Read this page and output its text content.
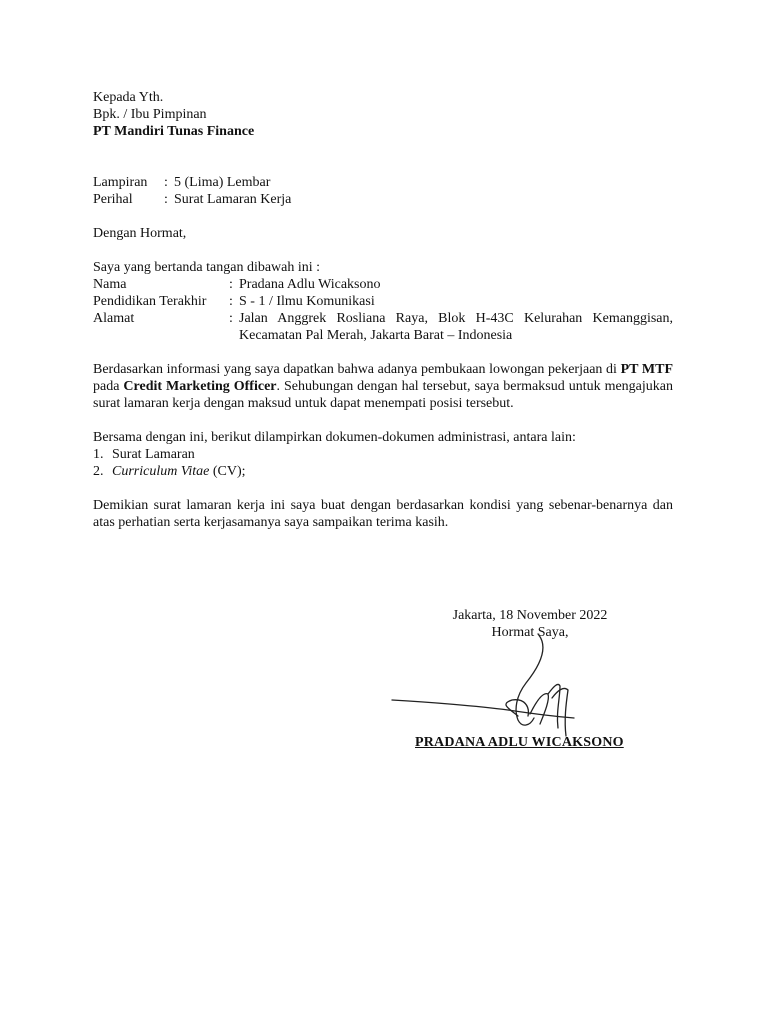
Kepada Yth.
Bpk. / Ibu Pimpinan
PT Mandiri Tunas Finance
Lampiran	: 5 (Lima) Lembar
Perihal	: Surat Lamaran Kerja
Dengan Hormat,
Saya yang bertanda tangan dibawah ini :
Nama	: Pradana Adlu Wicaksono
Pendidikan Terakhir	: S - 1 / Ilmu Komunikasi
Alamat	: Jalan Anggrek Rosliana Raya, Blok H-43C Kelurahan Kemanggisan,
Kecamatan Pal Merah, Jakarta Barat – Indonesia
Berdasarkan informasi yang saya dapatkan bahwa adanya pembukaan lowongan pekerjaan di PT MTF pada Credit Marketing Officer. Sehubungan dengan hal tersebut, saya bermaksud untuk mengajukan surat lamaran kerja dengan maksud untuk dapat menempati posisi tersebut.
Bersama dengan ini, berikut dilampirkan dokumen-dokumen administrasi, antara lain:
1. Surat Lamaran
2. Curriculum Vitae (CV);
Demikian surat lamaran kerja ini saya buat dengan berdasarkan kondisi yang sebenar-benarnya dan atas perhatian serta kerjasamanya saya sampaikan terima kasih.
Jakarta, 18 November 2022
Hormat Saya,
PRADANA ADLU WICAKSONO
